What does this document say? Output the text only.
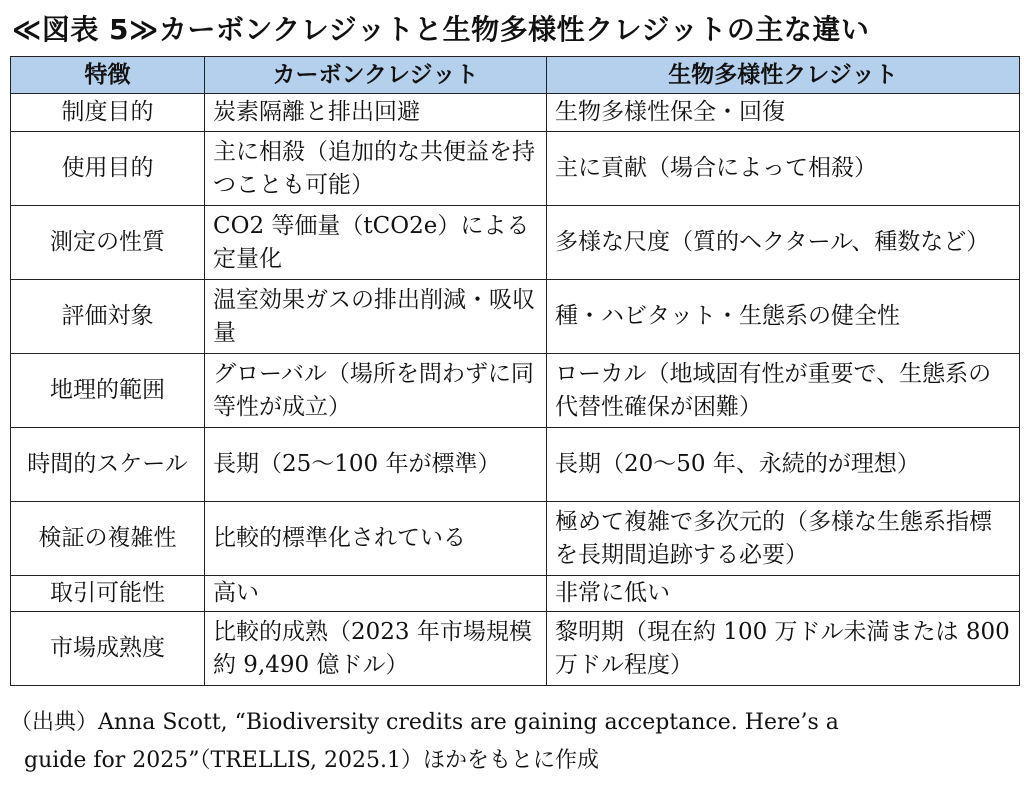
≪図表 5≫カーボンクレジットと生物多様性クレジットの主な違い
特徴	カーボンクレジット	生物多様性クレジット
制度目的	炭素隔離と排出回避	生物多様性保全・回復
使用目的	主に相殺（追加的な共便益を持つことも可能）	主に貢献（場合によって相殺）
測定の性質	CO2 等価量（tCO2e）による定量化	多様な尺度（質的ヘクタール、種数など）
評価対象	温室効果ガスの排出削減・吸収量	種・ハビタット・生態系の健全性
地理的範囲	グローバル（場所を問わずに同等性が成立）	ローカル（地域固有性が重要で、生態系の代替性確保が困難）
時間的スケール	長期（25～100 年が標準）	長期（20～50 年、永続的が理想）
検証の複雑性	比較的標準化されている	極めて複雑で多次元的（多様な生態系指標を長期間追跡する必要）
取引可能性	高い	非常に低い
市場成熟度	比較的成熟（2023 年市場規模約 9,490 億ドル）	黎明期（現在約 100 万ドル未満または 800 万ドル程度）
（出典）Anna Scott, “Biodiversity credits are gaining acceptance. Here’s a
guide for 2025”（TRELLIS, 2025.1）ほかをもとに作成
